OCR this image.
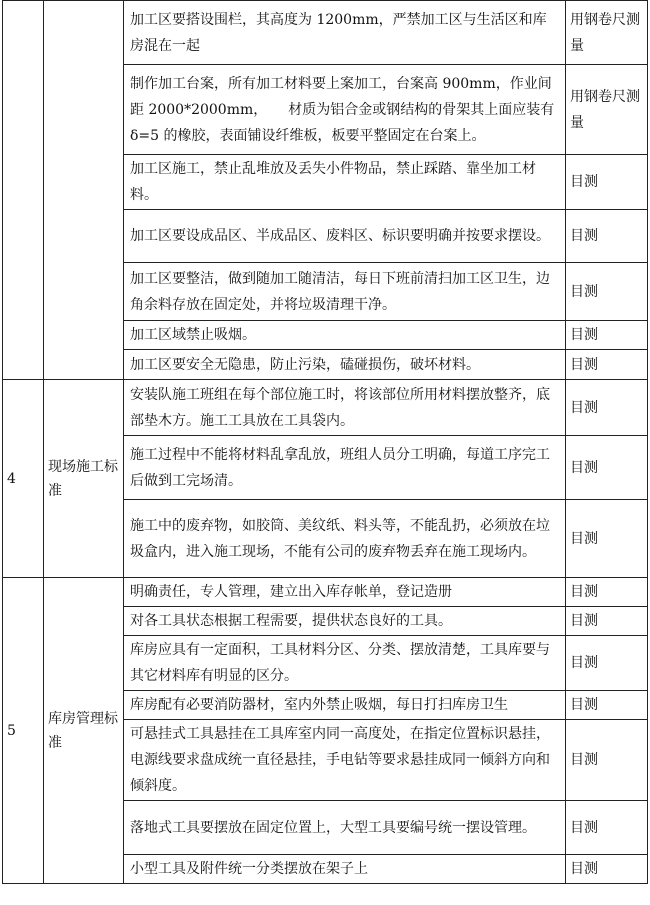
		加工区要搭设围栏，其高度为 1200mm，严禁加工区与生活区和库房混在一起	用钢卷尺测量
		制作加工台案，所有加工材料要上案加工，台案高 900mm，作业间距 2000*2000mm，　　材质为铝合金或钢结构的骨架其上面应装有 δ=5 的橡胶，表面铺设纤维板，板要平整固定在台案上。	用钢卷尺测量
		加工区施工，禁止乱堆放及丢失小件物品，禁止踩踏、靠坐加工材料。	目测
		加工区要设成品区、半成品区、废料区、标识要明确并按要求摆设。	目测
		加工区要整洁，做到随加工随清洁，每日下班前清扫加工区卫生，边角余料存放在固定处，并将垃圾清理干净。	目测
		加工区域禁止吸烟。	目测
		加工区要安全无隐患，防止污染，磕碰损伤，破坏材料。	目测
4	现场施工标准	安装队施工班组在每个部位施工时，将该部位所用材料摆放整齐，底部垫木方。施工工具放在工具袋内。	目测
		施工过程中不能将材料乱拿乱放，班组人员分工明确，每道工序完工后做到工完场清。	目测
		施工中的废弃物，如胶筒、美纹纸、料头等，不能乱扔，必须放在垃圾盒内，进入施工现场，不能有公司的废弃物丢弃在施工现场内。	目测
5	库房管理标准	明确责任，专人管理，建立出入库存帐单，登记造册	目测
		对各工具状态根据工程需要，提供状态良好的工具。	目测
		库房应具有一定面积，工具材料分区、分类、摆放清楚，工具库要与其它材料库有明显的区分。	目测
		库房配有必要消防器材，室内外禁止吸烟，每日打扫库房卫生	目测
		可悬挂式工具悬挂在工具库室内同一高度处，在指定位置标识悬挂，电源线要求盘成统一直径悬挂，手电钻等要求悬挂成同一倾斜方向和倾斜度。	目测
		落地式工具要摆放在固定位置上，大型工具要编号统一摆设管理。	目测
		小型工具及附件统一分类摆放在架子上	目测
